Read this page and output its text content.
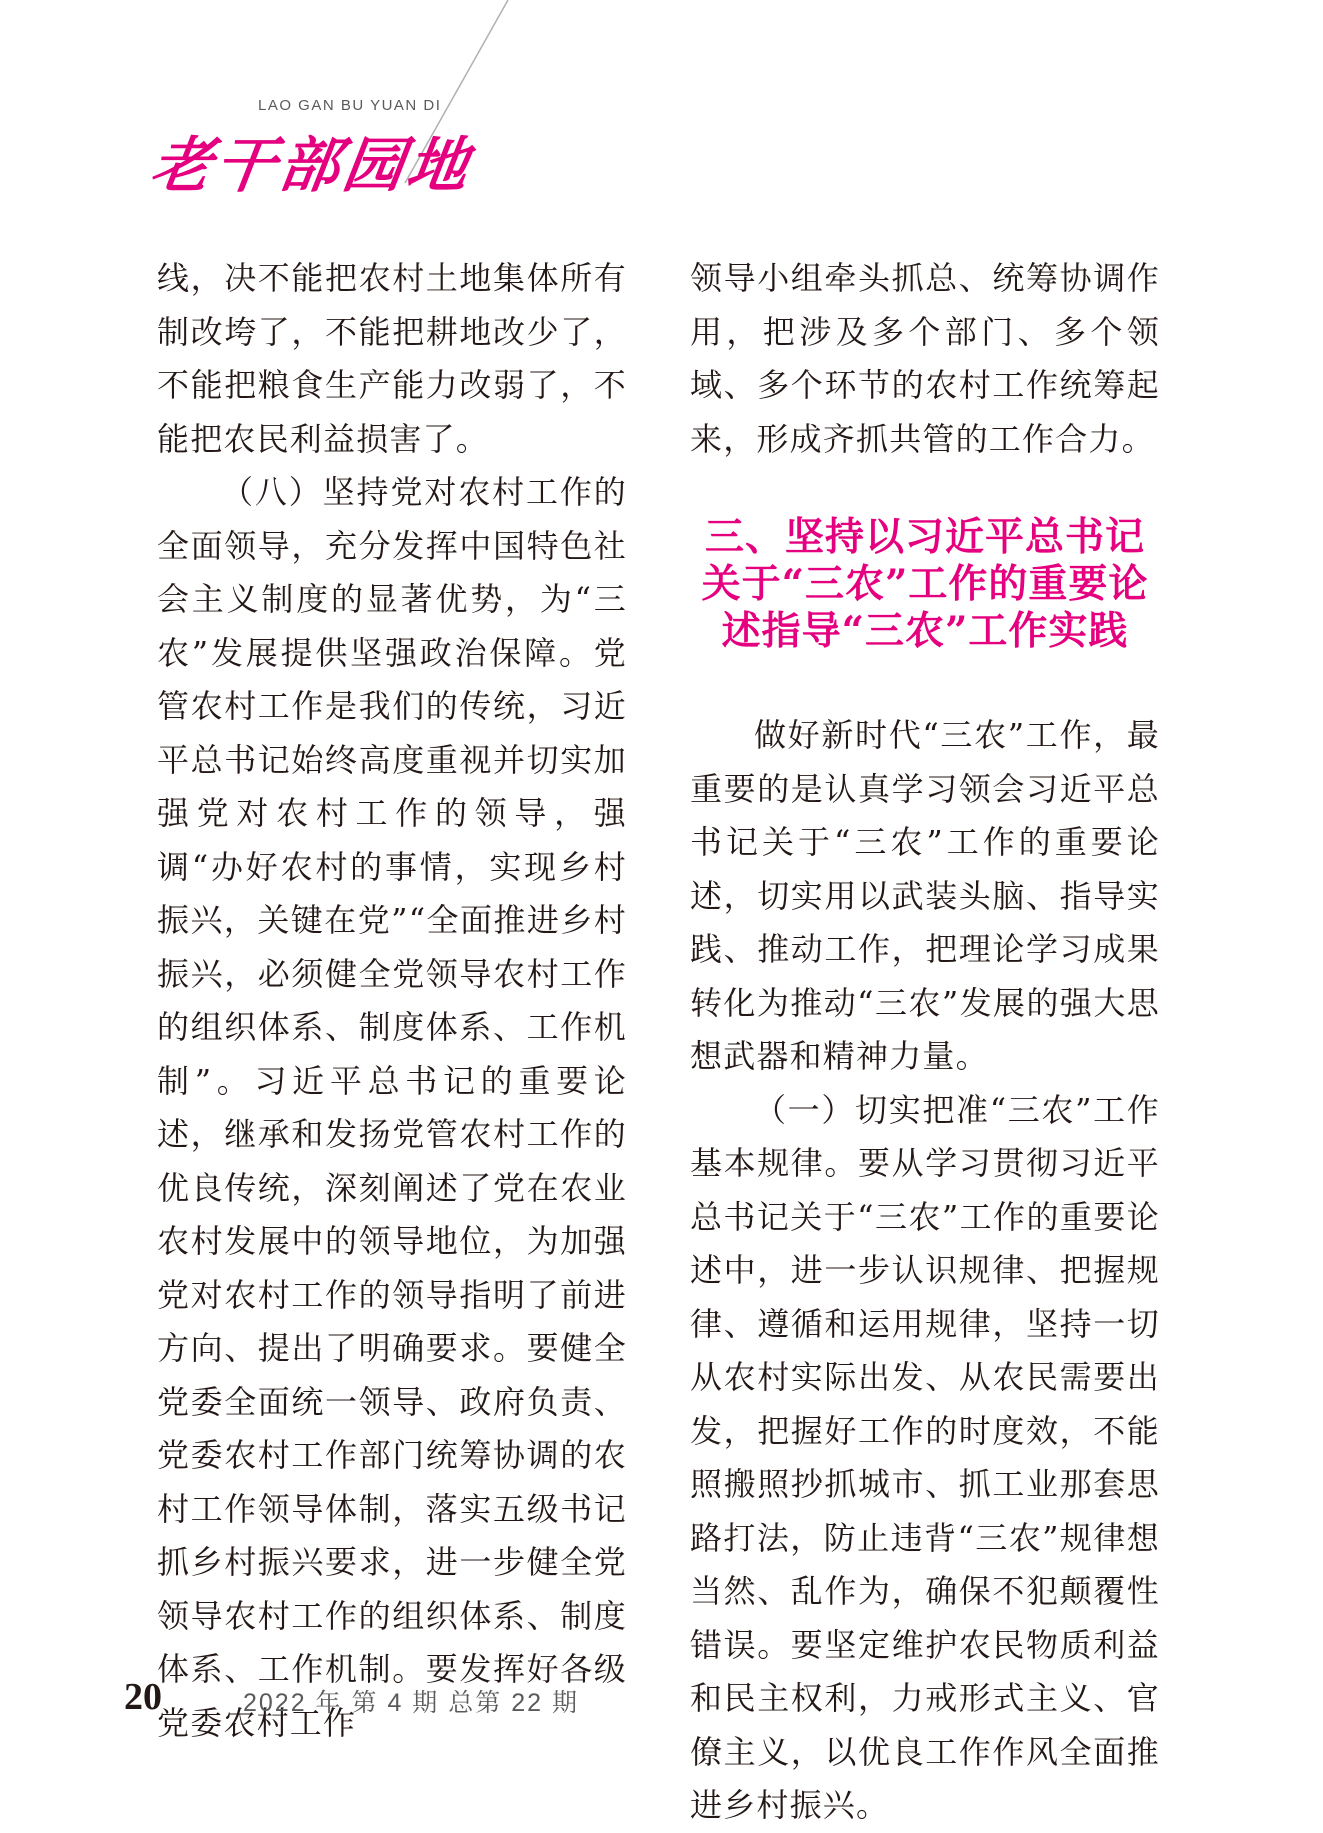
LAO GAN BU YUAN DI
老干部园地

线，决不能把农村土地集体所有制改垮了，不能把耕地改少了，不能把粮食生产能力改弱了，不能把农民利益损害了。

（八）坚持党对农村工作的全面领导，充分发挥中国特色社会主义制度的显著优势，为“三农”发展提供坚强政治保障。党管农村工作是我们的传统，习近平总书记始终高度重视并切实加强党对农村工作的领导，强调“办好农村的事情，实现乡村振兴，关键在党”“全面推进乡村振兴，必须健全党领导农村工作的组织体系、制度体系、工作机制”。习近平总书记的重要论述，继承和发扬党管农村工作的优良传统，深刻阐述了党在农业农村发展中的领导地位，为加强党对农村工作的领导指明了前进方向、提出了明确要求。要健全党委全面统一领导、政府负责、党委农村工作部门统筹协调的农村工作领导体制，落实五级书记抓乡村振兴要求，进一步健全党领导农村工作的组织体系、制度体系、工作机制。要发挥好各级党委农村工作

领导小组牵头抓总、统筹协调作用，把涉及多个部门、多个领域、多个环节的农村工作统筹起来，形成齐抓共管的工作合力。

三、坚持以习近平总书记关于“三农”工作的重要论述指导“三农”工作实践

做好新时代“三农”工作，最重要的是认真学习领会习近平总书记关于“三农”工作的重要论述，切实用以武装头脑、指导实践、推动工作，把理论学习成果转化为推动“三农”发展的强大思想武器和精神力量。

（一）切实把准“三农”工作基本规律。要从学习贯彻习近平总书记关于“三农”工作的重要论述中，进一步认识规律、把握规律、遵循和运用规律，坚持一切从农村实际出发、从农民需要出发，把握好工作的时度效，不能照搬照抄抓城市、抓工业那套思路打法，防止违背“三农”规律想当然、乱作为，确保不犯颠覆性错误。要坚定维护农民物质利益和民主权利，力戒形式主义、官僚主义，以优良工作作风全面推进乡村振兴。

20	2022 年 第 4 期 总第 22 期
